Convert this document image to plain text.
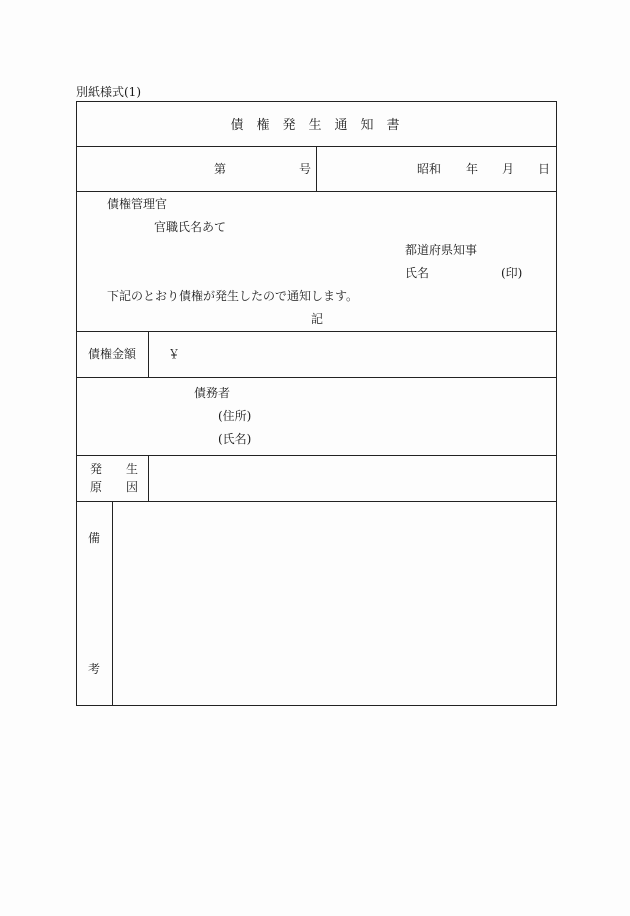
別紙様式(1)
債　権　発　生　通　知　書
第	号	昭和 年 月 日
債権管理官
官職氏名あて
都道府県知事
氏名	(印)
下記のとおり債権が発生したので通知します。
記
債権金額	￥
債務者
(住所)
(氏名)
発　　生
原　　因
備
考
